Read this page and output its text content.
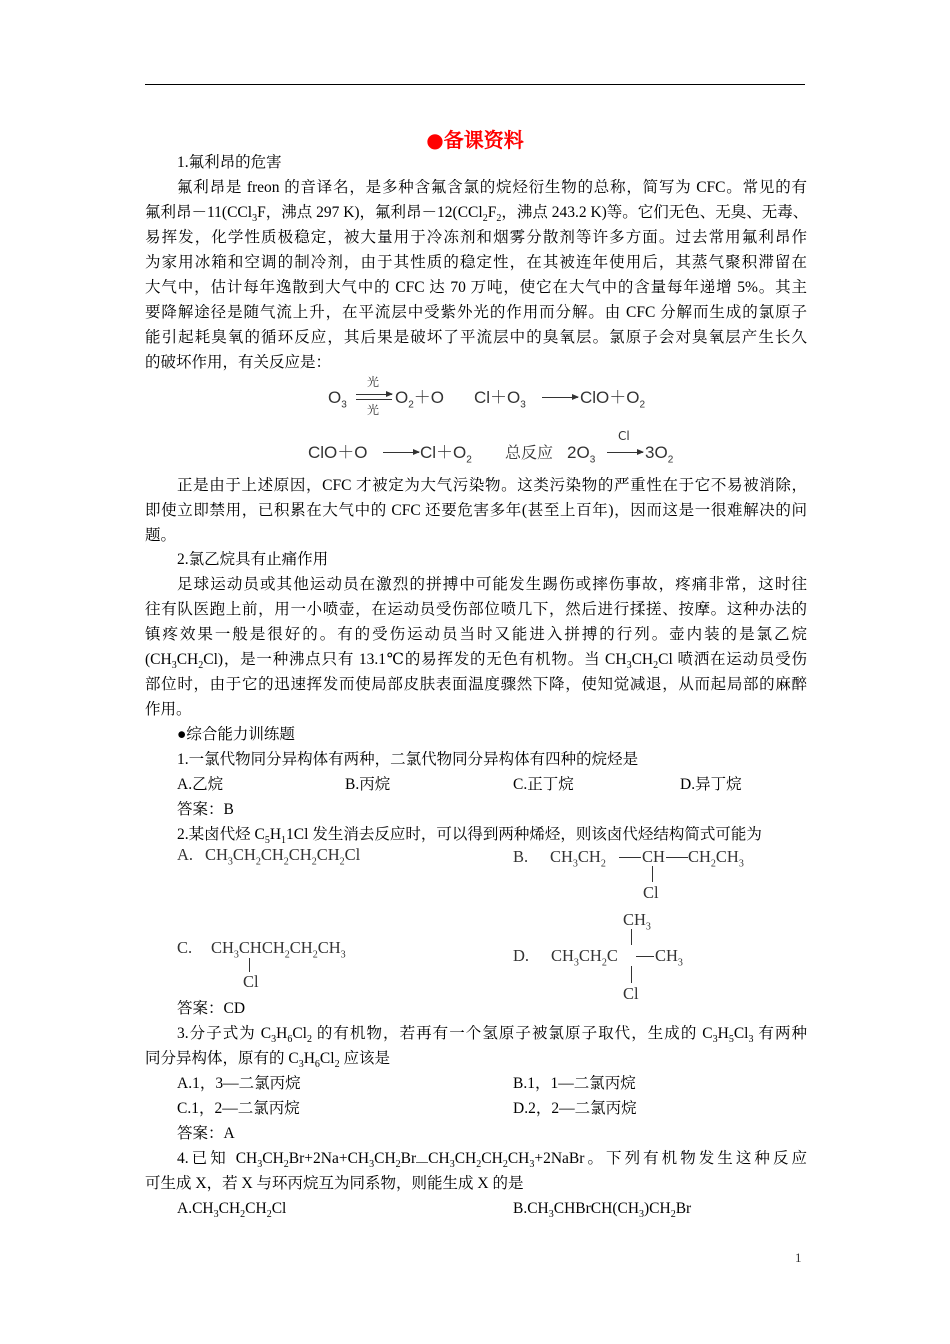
●备课资料
1.氟利昂的危害
氟利昂是 freon 的音译名，是多种含氟含氯的烷烃衍生物的总称，简写为 CFC。常见的有
氟利昂－11(CCl$_3$F，沸点 297 K)，氟利昂$-12(CCl_2F_2$，沸点 243.2 K)等。它们无色、无臭、无毒、
易挥发，化学性质极稳定，被大量用于冷冻剂和烟雾分散剂等许多方面。过去常用氟利昂作
为家用冰箱和空调的制冷剂，由于其性质的稳定性，在其被连年使用后，其蒸气聚积滞留在
大气中，估计每年逸散到大气中的 CFC 达 70 万吨，使它在大气中的含量每年递增 5%。其主
要降解途径是随气流上升，在平流层中受紫外光的作用而分解。由 CFC 分解而生成的氯原子
能引起耗臭氧的循环反应，其后果是破坏了平流层中的臭氧层。氯原子会对臭氧层产生长久
的破坏作用，有关反应是：
$O_3$
光
光
$O_2+O$ $Cl+O_3 \to ClO+O_2$
$ClO+O \to Cl+O_2$ 总反应 $2O_3$
Cl
→ $3O_2$
正是由于上述原因，CFC 才被定为大气污染物。这类污染物的严重性在于它不易被消除，
即使立即禁用，已积累在大气中的 CFC 还要危害多年(甚至上百年)，因而这是一很难解决的问
题。
2.氯乙烷具有止痛作用
足球运动员或其他运动员在激烈的拼搏中可能发生踢伤或摔伤事故，疼痛非常，这时往
往有队医跑上前，用一小喷壶，在运动员受伤部位喷几下，然后进行揉搓、按摩。这种办法的
镇疼效果一般是很好的。有的受伤运动员当时又能进入拼搏的行列。壶内装的是氯乙烷
$(CH_3CH_2Cl)$，是一种沸点只有 13.1℃的易挥发的无色有机物。当 $CH_3CH_2Cl$ 喷洒在运动员受伤
部位时，由于它的迅速挥发而使局部皮肤表面温度骤然下降，使知觉减退，从而起局部的麻醉
作用。
●综合能力训练题
1.一氯代物同分异构体有两种，二氯代物同分异构体有四种的烷烃是
A.乙烷	B.丙烷	C.正丁烷	D.异丁烷
答案：B
2.某卤代烃 $C_5H_11Cl$ 发生消去反应时，可以得到两种烯烃，则该卤代烃结构简式可能为
A. $CH_3CH_2CH_2CH_2CH_2Cl$	B. $CH_3CH_2$ CH $CH_2CH_3$
Cl
C. $CH_3CHCH_2CH_2CH_3$
Cl
$CH_3$
D. $CH_3CH_2C$ $CH_3$
Cl
答案：CD
3.分子式为 $C_3H_6Cl_2$ 的有机物，若再有一个氢原子被氯原子取代，生成的 $C_3H_5Cl_3$ 有两种
同分异构体，原有的 $C_3H_6Cl_2$ 应该是
A.1，3—二氯丙烷	B.1，1—二氯丙烷
C.1，2—二氯丙烷	D.2，2—二氯丙烷
答案：A
4.已知 $CH_3CH_2Br+2Na+CH_3CH_2Br$ $CH_3CH_2CH_2CH_3+2NaBr$。下列有机物发生这种反应
可生成 X，若 X 与环丙烷互为同系物，则能生成 X 的是
$A.CH_3CH_2CH_2Cl$	$B.CH_3CHBrCH(CH_3)CH_2Br$
1
